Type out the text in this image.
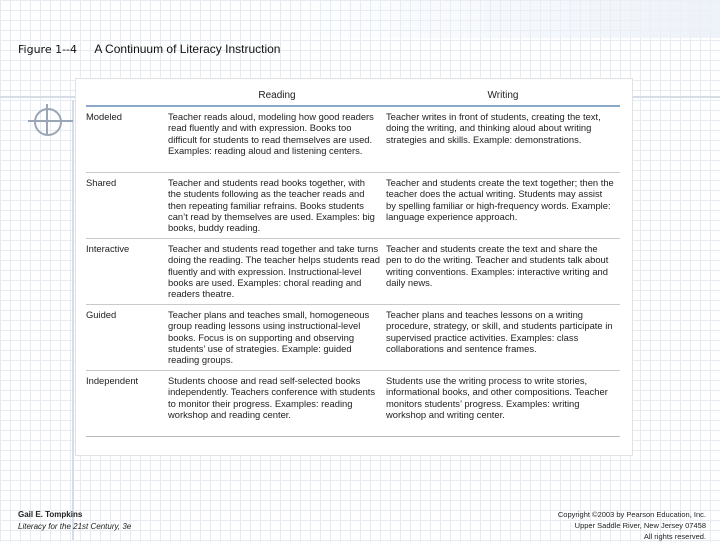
Figure 1--4 A Continuum of Literacy Instruction
	Reading	Writing
Modeled	Teacher reads aloud, modeling how good readers read fluently and with expression. Books too difficult for students to read themselves are used. Examples: reading aloud and listening centers.	Teacher writes in front of students, creating the text, doing the writing, and thinking aloud about writing strategies and skills. Example: demonstrations.
Shared	Teacher and students read books together, with the students following as the teacher reads and then repeating familiar refrains. Books students can’t read by themselves are used. Examples: big books, buddy reading.	Teacher and students create the text together; then the teacher does the actual writing. Students may assist by spelling familiar or high-frequency words. Example: language experience approach.
Interactive	Teacher and students read together and take turns doing the reading. The teacher helps students read fluently and with expression. Instructional-level books are used. Examples: choral reading and readers theatre.	Teacher and students create the text and share the pen to do the writing. Teacher and students talk about writing conventions. Examples: interactive writing and daily news.
Guided	Teacher plans and teaches small, homogeneous group reading lessons using instructional-level books. Focus is on supporting and observing students’ use of strategies. Example: guided reading groups.	Teacher plans and teaches lessons on a writing procedure, strategy, or skill, and students participate in supervised practice activities. Examples: class collaborations and sentence frames.
Independent	Students choose and read self-selected books independently. Teachers conference with students to monitor their progress. Examples: reading workshop and reading center.	Students use the writing process to write stories, informational books, and other compositions. Teacher monitors students’ progress. Examples: writing workshop and writing center.
Gail E. Tompkins
Literacy for the 21st Century, 3e
Copyright ©2003 by Pearson Education, Inc.
Upper Saddle River, New Jersey 07458
All rights reserved.
